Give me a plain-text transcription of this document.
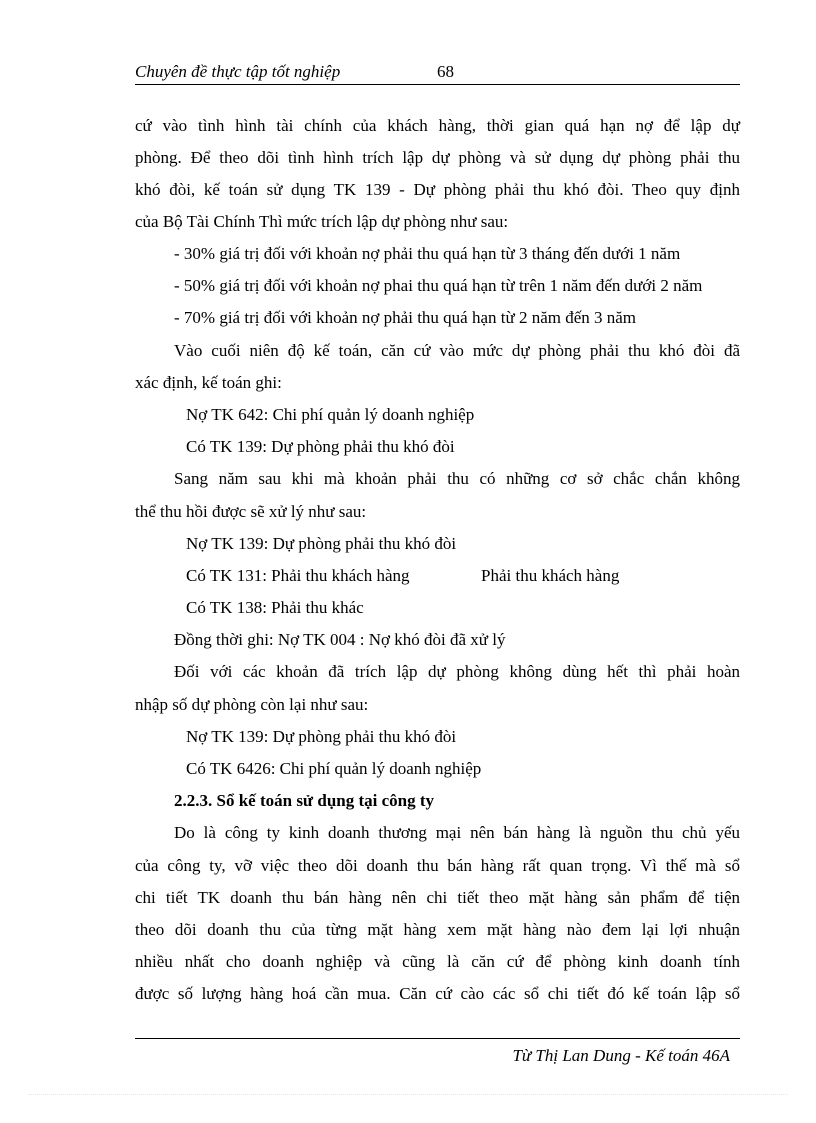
Chuyên đề thực tập tốt nghiệp	68
cứ vào tình hình tài chính của khách hàng, thời gian quá hạn nợ để lập dự
phòng. Để theo dõi tình hình trích lập dự phòng và sử dụng dự phòng phải thu
khó đòi, kế toán sử dụng TK 139 - Dự phòng phải thu khó đòi. Theo quy định
của Bộ Tài Chính Thì mức trích lập dự phòng như sau:
- 30% giá trị đối với khoản nợ phải thu quá hạn từ 3 tháng đến dưới 1 năm
- 50% giá trị đối với khoản nợ phai thu quá hạn từ trên 1 năm đến dưới 2 năm
- 70% giá trị đối với khoản nợ phải thu quá hạn từ 2 năm đến 3 năm
Vào cuối niên độ kế toán, căn cứ vào mức dự phòng phải thu khó đòi đã
xác định, kế toán ghi:
Nợ TK 642: Chi phí quản lý doanh nghiệp
Có TK 139: Dự phòng phải thu khó đòi
Sang năm sau khi mà khoản phải thu có những cơ sở chắc chắn không
thể thu hồi được sẽ xử lý như sau:
Nợ TK 139: Dự phòng phải thu khó đòi
Có TK 131: Phải thu khách hàng	Phải thu khách hàng
Có TK 138: Phải thu khác
Đồng thời ghi: Nợ TK 004 : Nợ khó đòi đã xử lý
Đối với các khoản đã trích lập dự phòng không dùng hết thì phải hoàn
nhập số dự phòng còn lại như sau:
Nợ TK 139: Dự phòng phải thu khó đòi
Có TK 6426: Chi phí quản lý doanh nghiệp
2.2.3. Sổ kế toán sử dụng tại công ty
Do là công ty kinh doanh thương mại nên bán hàng là nguồn thu chủ yếu
của công ty, vỡ việc theo dõi doanh thu bán hàng rất quan trọng. Vì thế mà sổ
chi tiết TK doanh thu bán hàng nên chi tiết theo mặt hàng sản phẩm để tiện
theo dõi doanh thu của từng mặt hàng xem mặt hàng nào đem lại lợi nhuận
nhiều nhất cho doanh nghiệp và cũng là căn cứ để phòng kinh doanh tính
được số lượng hàng hoá cần mua. Căn cứ cào các sổ chi tiết đó kế toán lập sổ
Từ Thị Lan Dung - Kế toán 46A
